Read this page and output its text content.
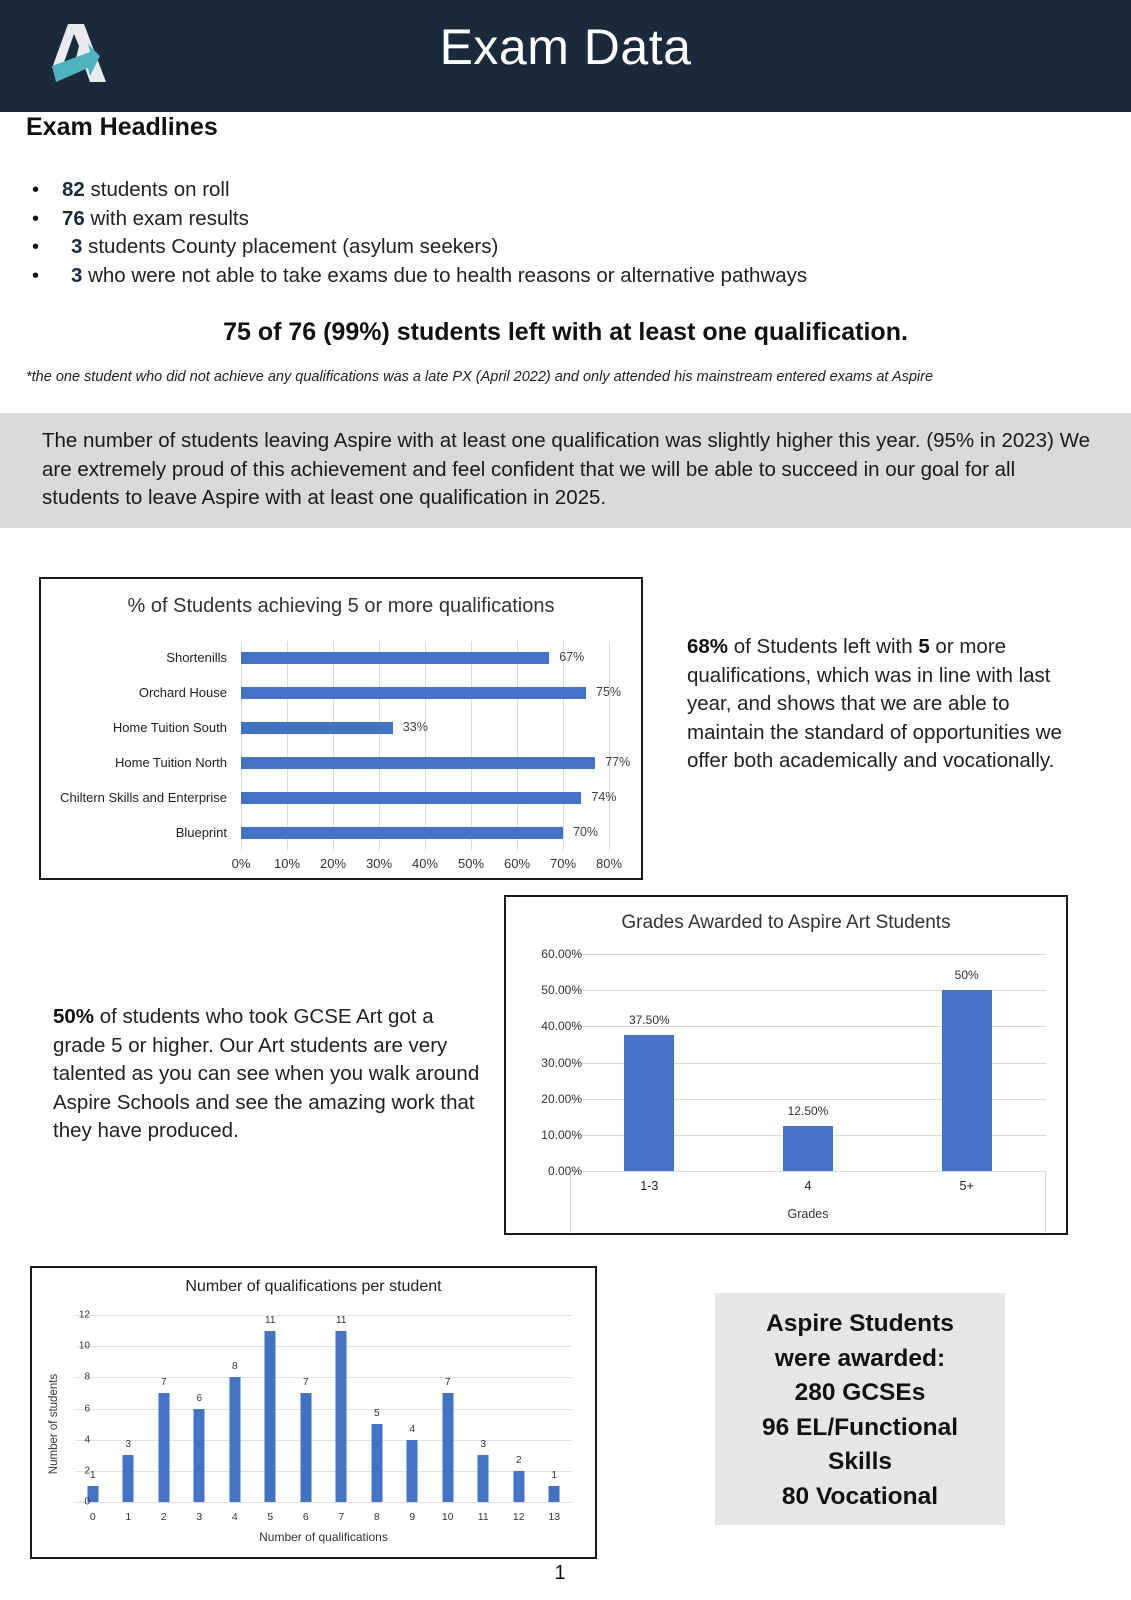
Exam Data
Exam Headlines
• 82 students on roll
• 76 with exam results
• 3 students County placement (asylum seekers)
• 3 who were not able to take exams due to health reasons or alternative pathways
75 of 76 (99%) students left with at least one qualification.
*the one student who did not achieve any qualifications was a late PX (April 2022) and only attended his mainstream entered exams at Aspire

The number of students leaving Aspire with at least one qualification was slightly higher this year. (95% in 2023) We are extremely proud of this achievement and feel confident that we will be able to succeed in our goal for all students to leave Aspire with at least one qualification in 2025.

% of Students achieving 5 or more qualifications
67%
75%
33%
77%
74%
70%
0% 10% 20% 30% 40% 50% 60% 70% 80%
Shortenills
Orchard House
Home Tuition South
Home Tuition North
Chiltern Skills and Enterprise
Blueprint
68% of Students left with 5 or more qualifications, which was in line with last year, and shows that we are able to maintain the standard of opportunities we offer both academically and vocationally.
Grades Awarded to Aspire Art Students
37.50%
12.50%
50%
Grades
0.00%
10.00%
20.00%
30.00%
40.00%
50.00%
60.00%
1-3	4	5+
50% of students who took GCSE Art got a grade 5 or higher. Our Art students are very talented as you can see when you walk around Aspire Schools and see the amazing work that they have produced.
Number of qualifications per student
Number of students
1
3
7
6
8
11
7
11
5
4
7
3
2
1
Number of qualifications
0
2
4
6
8
10
12
0	1	2	3	4	5	6	7	8	9	10 11 12 13
Aspire Students
were awarded:
280 GCSEs
96 EL/Functional
Skills
80 Vocational
1
